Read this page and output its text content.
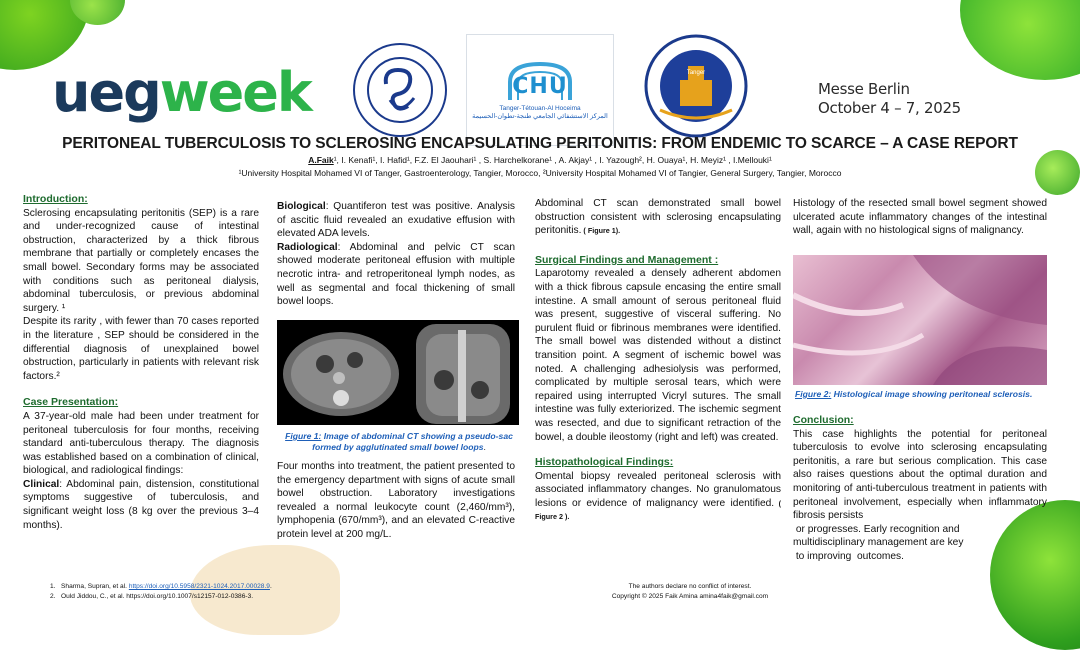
uegweek	CHU
Tanger-Tétouan-Al Hoceima
المركز الاستشفائي الجامعي طنجة-تطوان-الحسيمة
Tanger
Messe Berlin
October 4 – 7, 2025
PERITONEAL TUBERCULOSIS TO SCLEROSING ENCAPSULATING PERITONITIS: FROM ENDEMIC TO SCARCE – A CASE REPORT
A.Faik¹, I. Kenafi¹, I. Hafid¹, F.Z. El Jaouhari¹ , S. Harchelkorane¹ , A. Akjay¹ , I. Yazough², H. Ouaya¹, H. Meyiz¹ , I.Mellouki¹
¹University Hospital Mohamed VI of Tanger, Gastroenterology, Tangier, Morocco, ²University Hospital Mohamed VI of Tangier, General Surgery, Tangier, Morocco
Introduction:

Sclerosing encapsulating peritonitis (SEP) is a rare and under-recognized cause of intestinal obstruction, characterized by a thick fibrous membrane that partially or completely encases the small bowel. Secondary forms may be associated with conditions such as peritoneal dialysis, abdominal tuberculosis, or previous abdominal surgery. ¹

Despite its rarity , with fewer than 70 cases reported in the literature , SEP should be considered in the differential diagnosis of unexplained bowel obstruction, particularly in patients with relevant risk factors.²

Case Presentation:

A 37-year-old male had been under treatment for peritoneal tuberculosis for four months, receiving standard anti-tuberculous therapy. The diagnosis was established based on a combination of clinical, biological, and radiological findings:

Clinical: Abdominal pain, distension, constitutional symptoms suggestive of tuberculosis, and significant weight loss (8 kg over the previous 3–4 months).

Biological: Quantiferon test was positive. Analysis of ascitic fluid revealed an exudative effusion with elevated ADA levels.

Radiological: Abdominal and pelvic CT scan showed moderate peritoneal effusion with multiple necrotic intra- and retroperitoneal lymph nodes, as well as segmental and focal thickening of small bowel loops.

Figure 1: Image of abdominal CT showing a pseudo-sac formed by agglutinated small bowel loops.

Four months into treatment, the patient presented to the emergency department with signs of acute small bowel obstruction. Laboratory investigations revealed a normal leukocyte count (2,460/mm³), lymphopenia (670/mm³), and an elevated C-reactive protein level at 200 mg/L.

Abdominal CT scan demonstrated small bowel obstruction consistent with sclerosing encapsulating peritonitis. ( Figure 1).

Surgical Findings and Management :

Laparotomy revealed a densely adherent abdomen with a thick fibrous capsule encasing the entire small intestine. A small amount of serous peritoneal fluid was present, suggestive of visceral suffering. No purulent fluid or fibrinous membranes were identified. The small bowel was distended without a distinct transition point. A segment of ischemic bowel was noted. A challenging adhesiolysis was performed, complicated by multiple serosal tears, which were repaired using interrupted Vicryl sutures. The small intestine was fully exteriorized. The ischemic segment was resected, and due to significant retraction of the bowel, a double ileostomy (right and left) was created.

Histopathological Findings:

Omental biopsy revealed peritoneal sclerosis with associated inflammatory changes. No granulomatous lesions or evidence of malignancy were identified. ( Figure 2 ).

Histology of the resected small bowel segment showed ulcerated acute inflammatory changes of the intestinal wall, again with no histological signs of malignancy.

Figure 2: Histological image showing peritoneal sclerosis.
Conclusion:

This case highlights the potential for peritoneal tuberculosis to evolve into sclerosing encapsulating peritonitis, a rare but serious complication. This case also raises questions about the optimal duration and monitoring of anti-tuberculous treatment in patients with peritoneal involvement, especially when inflammatory fibrosis persists

or progresses. Early recognition and
multidisciplinary management are key
to improving  outcomes.
1.   Sharma, Supran, et al. https://doi.org/10.5958/2321-1024.2017.00028.9.
2.   Ould Jiddou, C., et al. https://doi.org/10.1007/s12157-012-0386-3.
The authors declare no conflict of interest.
Copyright © 2025 Faik Amina amina4faik@gmail.com
